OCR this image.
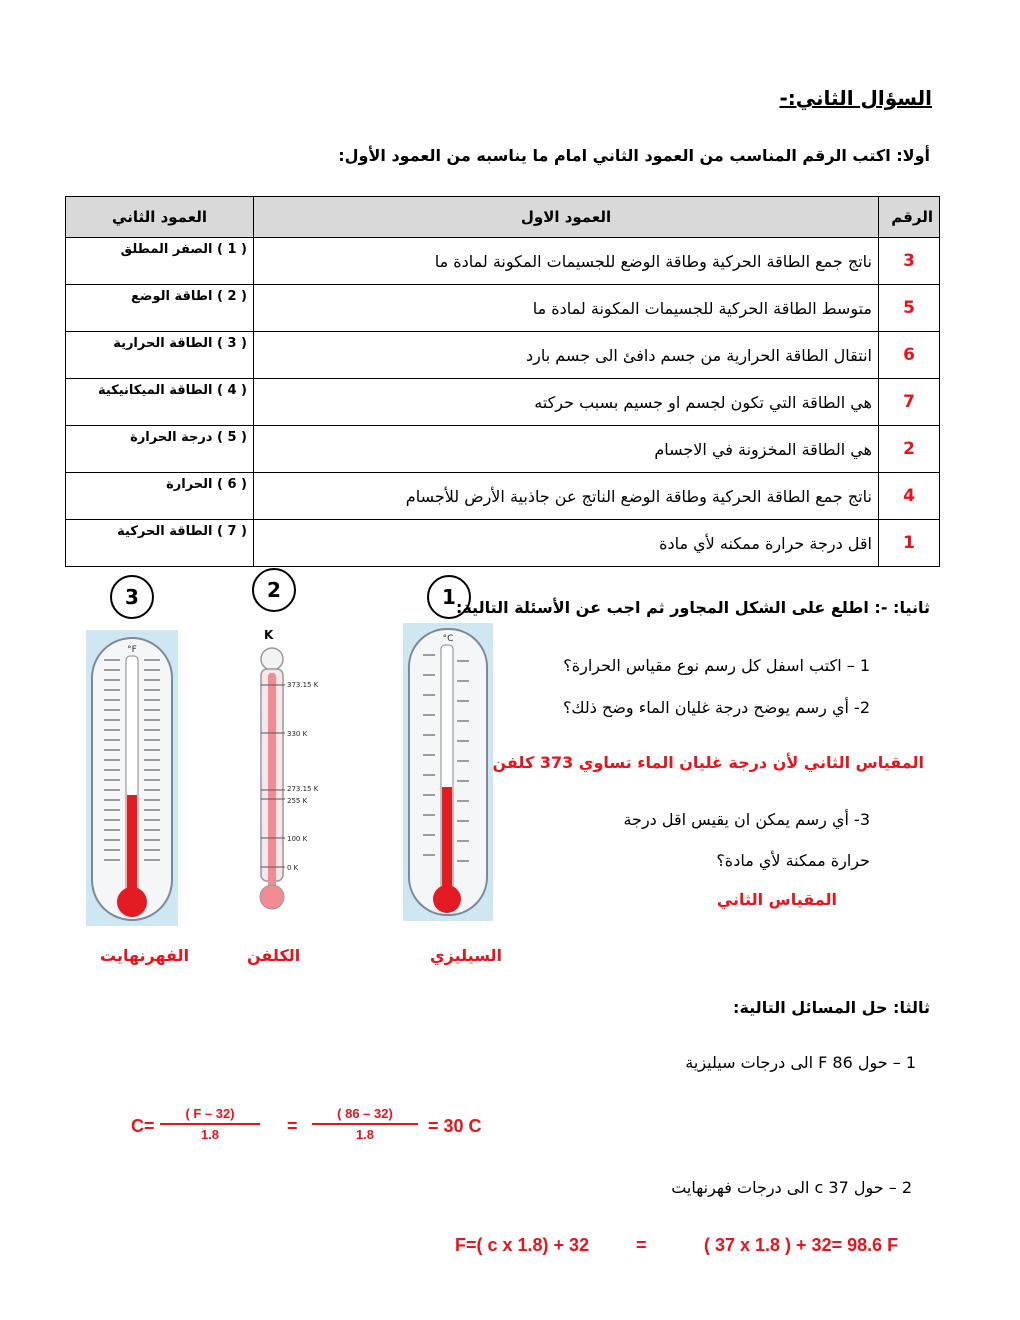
السؤال الثاني:-
أولا: اكتب الرقم المناسب من العمود الثاني امام ما يناسبه من العمود الأول:
العمود الثاني	العمود الاول	الرقم
( 1 ) الصفر المطلق	ناتج جمع الطاقة الحركية وطاقة الوضع للجسيمات المكونة لمادة ما	3
( 2 ) اطاقة الوضع	متوسط الطاقة الحركية للجسيمات المكونة لمادة ما	5
( 3 ) الطاقة الحرارية	انتقال الطاقة الحرارية من جسم دافئ الى جسم بارد	6
( 4 ) الطاقة الميكانيكية	هي الطاقة التي تكون لجسم او جسيم بسبب حركته	7
( 5 ) درجة الحرارة	هي الطاقة المخزونة في الاجسام	2
( 6 ) الحرارة	ناتج جمع الطاقة الحركية وطاقة الوضع الناتج عن جاذبية الأرض للأجسام	4
( 7 ) الطاقة الحركية	اقل درجة حرارة ممكنه لأي مادة	1
3	2	1 ثانيا: -: اطلع على الشكل المجاور ثم اجب عن الأسئلة التالية:
°F
K
373.15 K
330 K
273.15 K
255 K
100 K
0 K
°C
الفهرنهايت	الكلفن	السيليزي
1 – اكتب اسفل كل رسم نوع مقياس الحرارة؟
2- أي رسم يوضح درجة غليان الماء وضح ذلك؟
المقياس الثاني لأن درجة غليان الماء تساوي 373 كلفن
3- أي رسم يمكن ان يقيس اقل درجة
حرارة ممكنة لأي مادة؟
المقياس الثاني
ثالثا: حل المسائل التالية:
1 – حول 86 F الى درجات سيليزية
$C= \frac{( F - 32)}{1.8} = \frac{( 86 - 32)}{1.8} = 30$ C
2 – حول 37 c الى درجات فهرنهايت
F=( c x 1.8) + 32	=	( 37 x 1.8 ) + 32= 98.6 F
